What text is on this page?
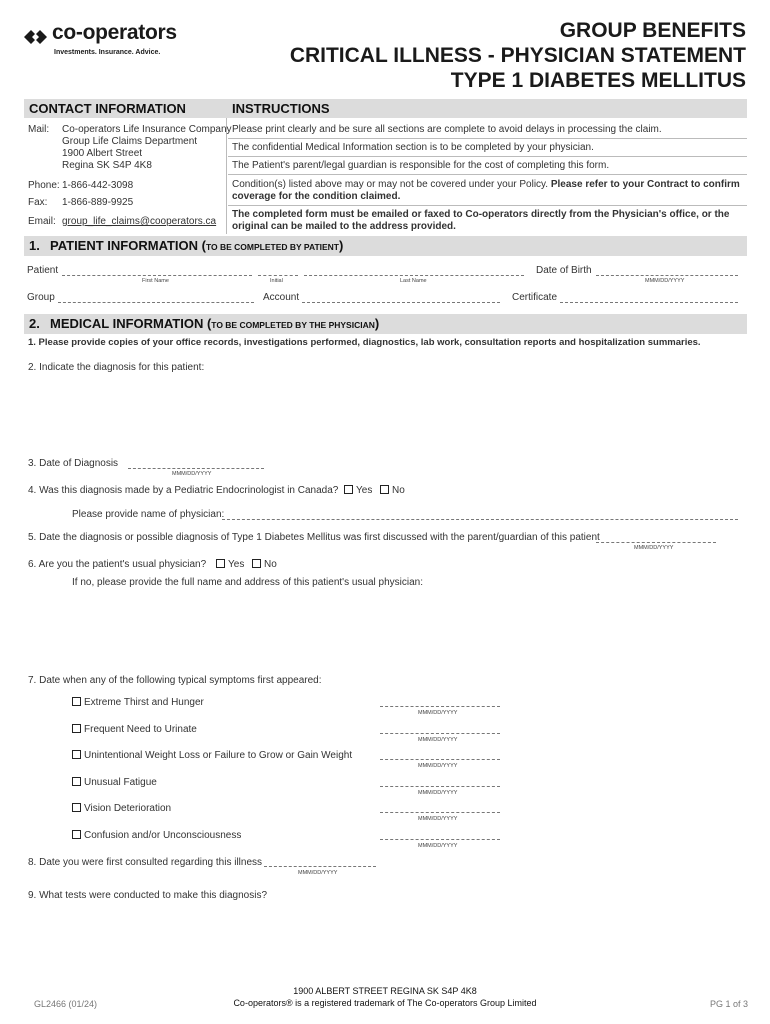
co-operators
Investments. Insurance. Advice.
GROUP BENEFITS
CRITICAL ILLNESS - PHYSICIAN STATEMENT
TYPE 1 DIABETES MELLITUS
CONTACT INFORMATION	INSTRUCTIONS
Mail: Co-operators Life Insurance Company
Group Life Claims Department
1900 Albert Street
Regina SK S4P 4K8
Phone: 1-866-442-3098
Fax: 1-866-889-9925
Email: group_life_claims@cooperators.ca
Please print clearly and be sure all sections are complete to avoid delays in processing the claim.
The confidential Medical Information section is to be completed by your physician.
The Patient's parent/legal guardian is responsible for the cost of completing this form.
Condition(s) listed above may or may not be covered under your Policy. Please refer to your Contract to confirm coverage for the condition claimed.
The completed form must be emailed or faxed to Co-operators directly from the Physician's office, or the original can be mailed to the address provided.
1. PATIENT INFORMATION (TO BE COMPLETED BY PATIENT)
Patient
First Name	Initial	Last Name
Date of Birth
MMM/DD/YYYY
Group	Account	Certificate
2. MEDICAL INFORMATION (TO BE COMPLETED BY THE PHYSICIAN)
1. Please provide copies of your office records, investigations performed, diagnostics, lab work, consultation reports and hospitalization summaries.
2. Indicate the diagnosis for this patient:
3. Date of Diagnosis
MMM/DD/YYYY
4. Was this diagnosis made by a Pediatric Endocrinologist in Canada?	Yes	No
Please provide name of physician:
5. Date the diagnosis or possible diagnosis of Type 1 Diabetes Mellitus was first discussed with the parent/guardian of this patient
MMM/DD/YYYY
6. Are you the patient's usual physician?	Yes	No
If no, please provide the full name and address of this patient's usual physician:
7. Date when any of the following typical symptoms first appeared:
Extreme Thirst and Hunger
MMM/DD/YYYY
Frequent Need to Urinate
MMM/DD/YYYY
Unintentional Weight Loss or Failure to Grow or Gain Weight
MMM/DD/YYYY
Unusual Fatigue
MMM/DD/YYYY
Vision Deterioration
MMM/DD/YYYY
Confusion and/or Unconsciousness
MMM/DD/YYYY
8. Date you were first consulted regarding this illness
MMM/DD/YYYY
9. What tests were conducted to make this diagnosis?
GL2466 (01/24)
1900 ALBERT STREET REGINA SK S4P 4K8
Co-operators® is a registered trademark of The Co-operators Group Limited	PG 1 of 3
